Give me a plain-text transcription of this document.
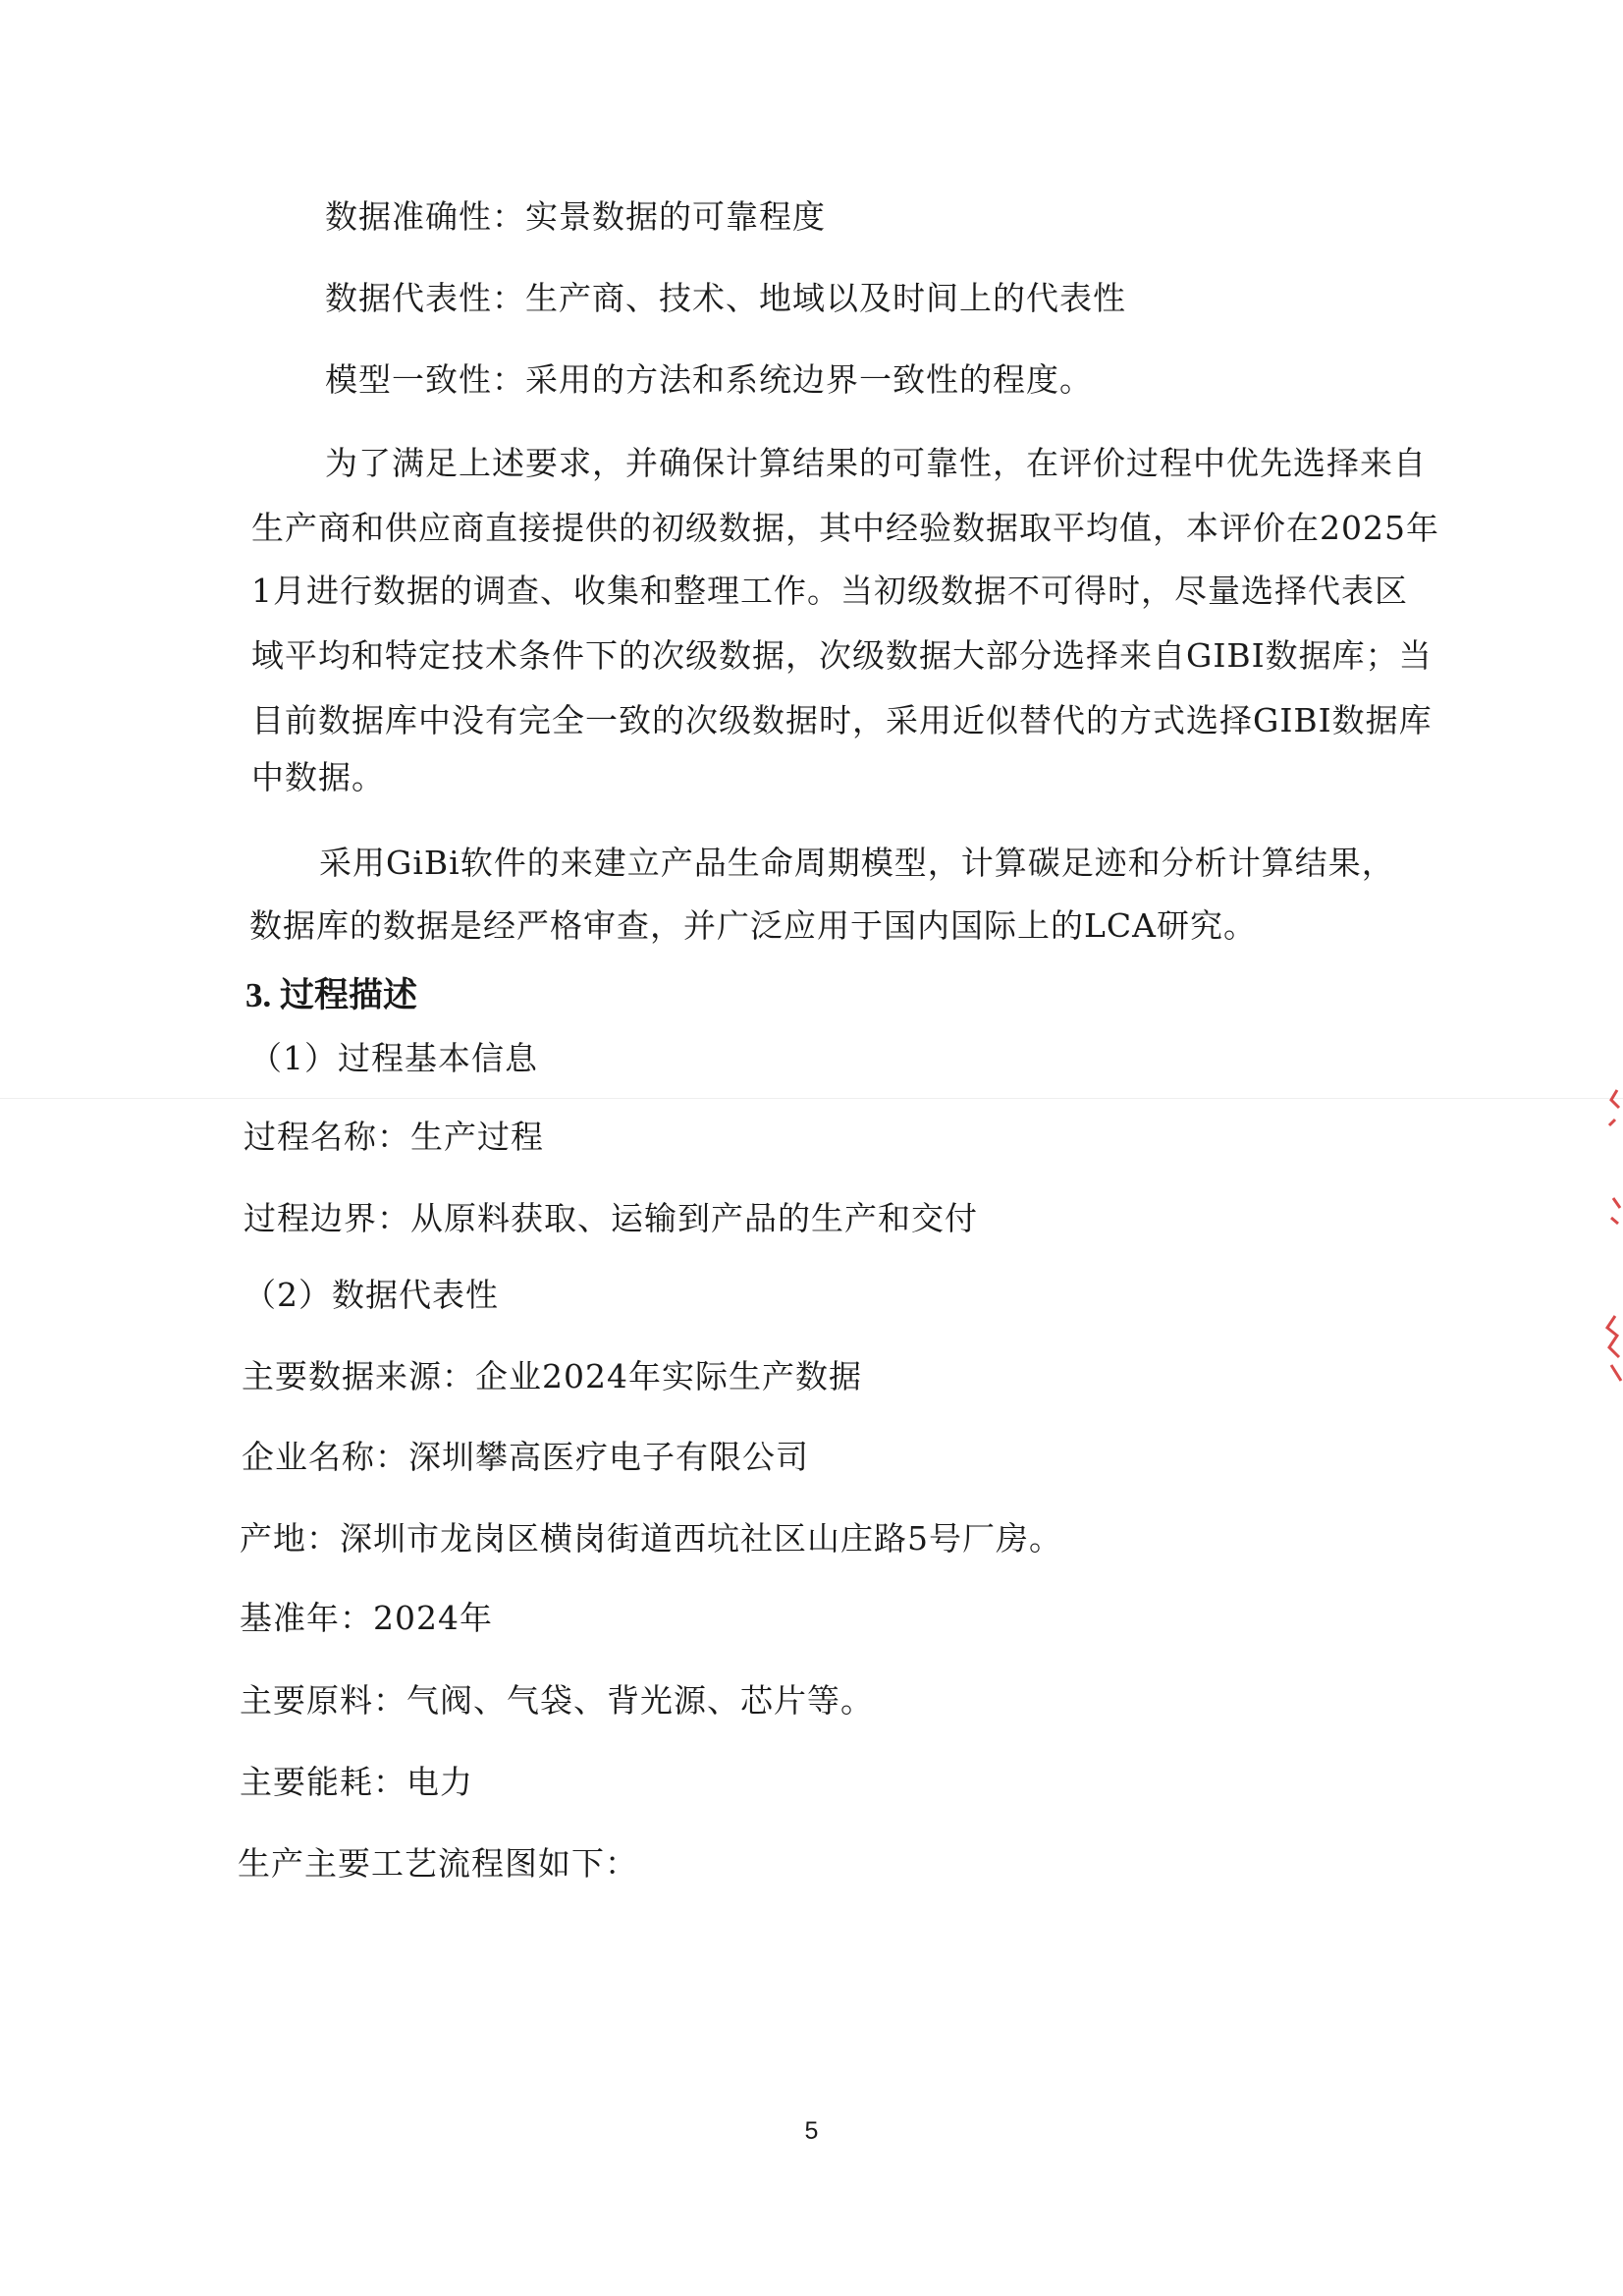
数据准确性：实景数据的可靠程度
数据代表性：生产商、技术、地域以及时间上的代表性
模型一致性：采用的方法和系统边界一致性的程度。
为了满足上述要求，并确保计算结果的可靠性，在评价过程中优先选择来自
生产商和供应商直接提供的初级数据，其中经验数据取平均值，本评价在2025年
1月进行数据的调查、收集和整理工作。当初级数据不可得时，尽量选择代表区
域平均和特定技术条件下的次级数据，次级数据大部分选择来自GIBI数据库；当
目前数据库中没有完全一致的次级数据时，采用近似替代的方式选择GIBI数据库
中数据。
采用GiBi软件的来建立产品生命周期模型，计算碳足迹和分析计算结果，
数据库的数据是经严格审查，并广泛应用于国内国际上的LCA研究。
3. 过程描述
（1）过程基本信息
过程名称：生产过程
过程边界：从原料获取、运输到产品的生产和交付
（2）数据代表性
主要数据来源：企业2024年实际生产数据
企业名称：深圳攀高医疗电子有限公司
产地：深圳市龙岗区横岗街道西坑社区山庄路5号厂房。
基准年：2024年
主要原料：气阀、气袋、背光源、芯片等。
主要能耗：电力
生产主要工艺流程图如下：
5
